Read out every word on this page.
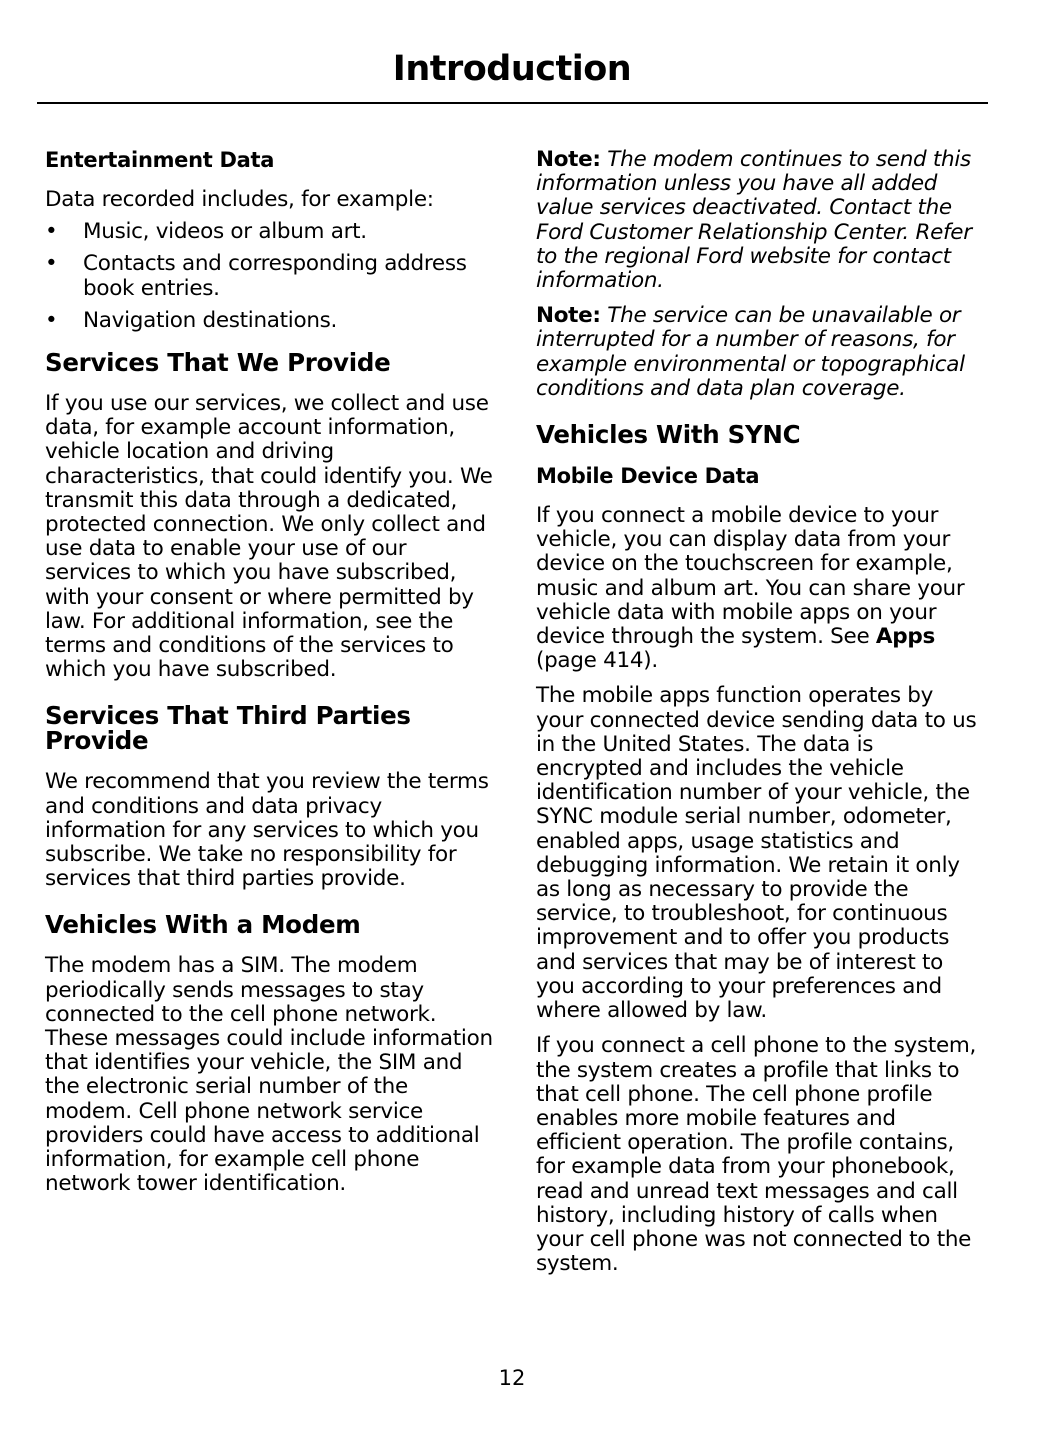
Introduction
Entertainment Data

Data recorded includes, for example:

• Music, videos or album art.
• Contacts and corresponding address book entries.
• Navigation destinations.
Services That We Provide

If you use our services, we collect and use data, for example account information, vehicle location and driving characteristics, that could identify you. We transmit this data through a dedicated, protected connection. We only collect and use data to enable your use of our services to which you have subscribed, with your consent or where permitted by law. For additional information, see the terms and conditions of the services to which you have subscribed.

Services That Third Parties Provide

We recommend that you review the terms and conditions and data privacy information for any services to which you subscribe. We take no responsibility for services that third parties provide.

Vehicles With a Modem

The modem has a SIM. The modem periodically sends messages to stay connected to the cell phone network. These messages could include information that identifies your vehicle, the SIM and the electronic serial number of the modem. Cell phone network service providers could have access to additional information, for example cell phone network tower identification.

Note: The modem continues to send this information unless you have all added value services deactivated. Contact the Ford Customer Relationship Center. Refer to the regional Ford website for contact information.

Note: The service can be unavailable or interrupted for a number of reasons, for example environmental or topographical conditions and data plan coverage.

Vehicles With SYNC
Mobile Device Data

If you connect a mobile device to your vehicle, you can display data from your device on the touchscreen for example, music and album art. You can share your vehicle data with mobile apps on your device through the system. See Apps (page 414).

The mobile apps function operates by your connected device sending data to us in the United States. The data is encrypted and includes the vehicle identification number of your vehicle, the SYNC module serial number, odometer, enabled apps, usage statistics and debugging information. We retain it only as long as necessary to provide the service, to troubleshoot, for continuous improvement and to offer you products and services that may be of interest to you according to your preferences and where allowed by law.

If you connect a cell phone to the system, the system creates a profile that links to that cell phone. The cell phone profile enables more mobile features and efficient operation. The profile contains, for example data from your phonebook, read and unread text messages and call history, including history of calls when your cell phone was not connected to the system.

12
